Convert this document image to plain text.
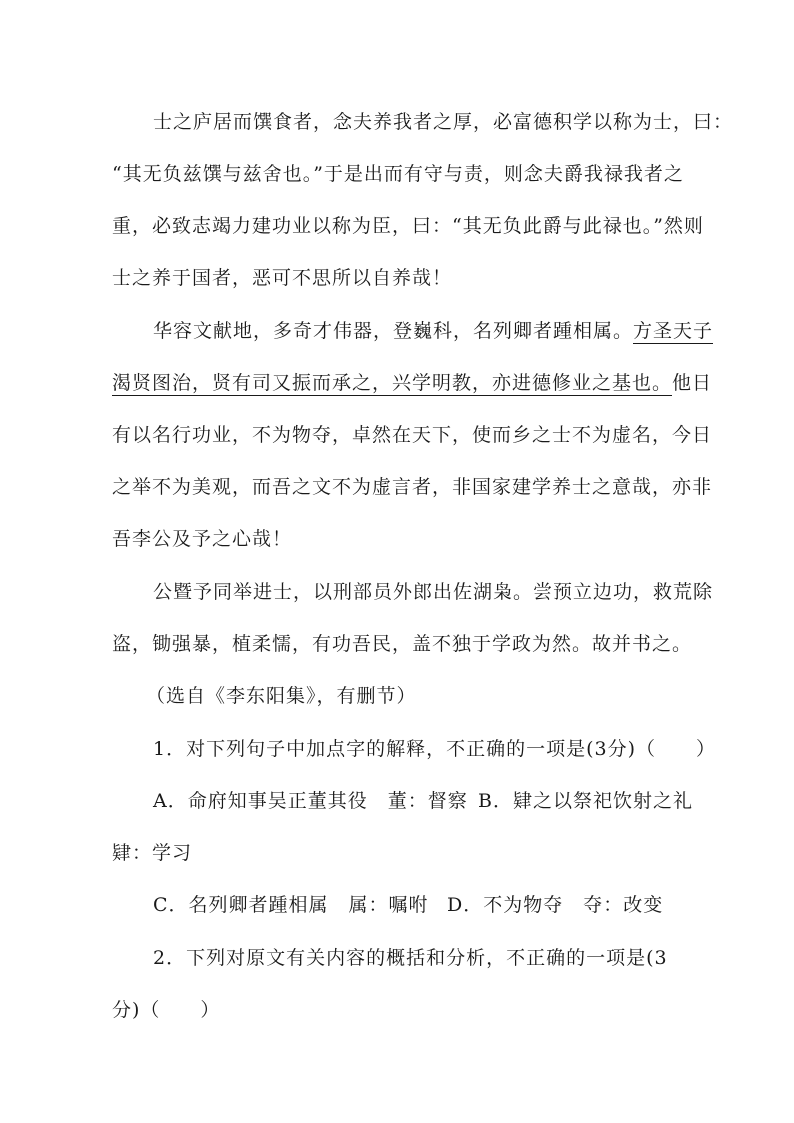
士之庐居而馔食者，念夫养我者之厚，必富德积学以称为士，曰：
“其无负兹馔与兹舍也。”于是出而有守与责，则念夫爵我禄我者之
重，必致志竭力建功业以称为臣，曰：“其无负此爵与此禄也。”然则
士之养于国者，恶可不思所以自养哉！
华容文献地，多奇才伟器，登巍科，名列卿者踵相属。方圣天子
渴贤图治，贤有司又振而承之，兴学明教，亦进德修业之基也。他日
有以名行功业，不为物夺，卓然在天下，使而乡之士不为虚名，今日
之举不为美观，而吾之文不为虚言者，非国家建学养士之意哉，亦非
吾李公及予之心哉！
公暨予同举进士，以刑部员外郎出佐湖枭。尝预立边功，救荒除
盗，锄强暴，植柔懦，有功吾民，盖不独于学政为然。故并书之。
（选自《李东阳集》，有删节）
1．对下列句子中加点字的解释，不正确的一项是(3分)（　　）
A．命府知事吴正董其役　董：督察 B．肄之以祭祀饮射之礼
肄：学习
C．名列卿者踵相属　属：嘱咐 D．不为物夺　夺：改变
2．下列对原文有关内容的概括和分析，不正确的一项是(3
分)（　　）
